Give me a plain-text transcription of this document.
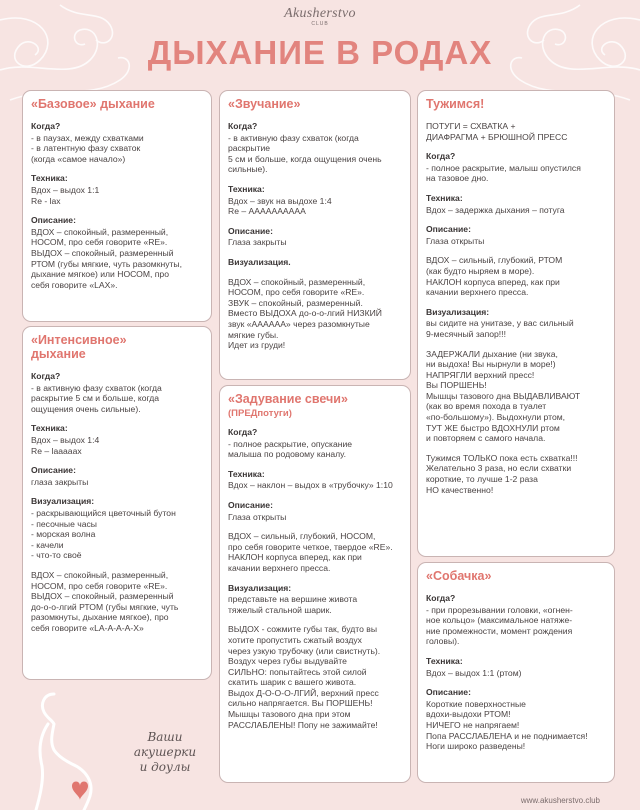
Akusherstvo
CLUB
ДЫХАНИЕ В РОДАХ
«Базовое» дыхание
Когда?
- в паузах, между схватками
- в латентную фазу схваток
(когда «самое начало»)
Техника:
Вдох – выдох 1:1
Re - lax
Описание:
ВДОХ – спокойный, размеренный,
НОСОМ, про себя говорите «RE».
ВЫДОХ – спокойный, размеренный
РТОМ (губы мягкие, чуть разомкнуты,
дыхание мягкое) или НОСОМ, про
себя говорите «LAX».
«Интенсивное»
дыхание
Когда?
- в активную фазу схваток (когда
раскрытие 5 см и больше, когда
ощущения очень сильные).
Техника:
Вдох – выдох 1:4
Re – laaaaax
Описание:
глаза закрыты
Визуализация:
- раскрывающийся цветочный бутон
- песочные часы
- морская волна
- качели
- что-то своё
ВДОХ – спокойный, размеренный,
НОСОМ, про себя говорите «RE».
ВЫДОХ – спокойный, размеренный
до-о-о-лгий РТОМ (губы мягкие, чуть
разомкнуты, дыхание мягкое), про
себя говорите «LA-A-A-A-X»
«Звучание»
Когда?
- в активную фазу схваток (когда раскрытие
5 см и больше, когда ощущения очень
сильные).
Техника:
Вдох – звук на выдохе 1:4
Re – АААААААААА
Описание:
Глаза закрыты
Визуализация.
ВДОХ – спокойный, размеренный,
НОСОМ, про себя говорите «RE».
ЗВУК – спокойный, размеренный.
Вместо ВЫДОХА до-о-о-лгий НИЗКИЙ
звук «АААААА» через разомкнутые
мягкие губы.
Идет из груди!
«Задувание свечи»
(ПРЕДпотуги)
Когда?
- полное раскрытие, опускание
малыша по родовому каналу.
Техника:
Вдох – наклон – выдох в «трубочку» 1:10
Описание:
Глаза открыты
ВДОХ – сильный, глубокий, НОСОМ,
про себя говорите четкое, твердое «RE».
НАКЛОН корпуса вперед, как при
качании верхнего пресса.
Визуализация:
представьте на вершине живота
тяжелый стальной шарик.
ВЫДОХ - сожмите губы так, будто вы
хотите пропустить сжатый воздух
через узкую трубочку (или свистнуть).
Воздух через губы выдувайте
СИЛЬНО: попытайтесь этой силой
скатить шарик с вашего живота.
Выдох Д-О-О-О-ЛГИЙ, верхний пресс
сильно напрягается. Вы ПОРШЕНЬ!
Мышцы тазового дна при этом
РАССЛАБЛЕНЫ! Попу не зажимайте!
Тужимся!
ПОТУГИ = СХВАТКА +
ДИАФРАГМА + БРЮШНОЙ ПРЕСС
Когда?
- полное раскрытие, малыш опустился
на тазовое дно.
Техника:
Вдох – задержка дыхания – потуга
Описание:
Глаза открыты
ВДОХ – сильный, глубокий, РТОМ
(как будто ныряем в море).
НАКЛОН корпуса вперед, как при
качании верхнего пресса.
Визуализация:
вы сидите на унитазе, у вас сильный
9-месячный запор!!!
ЗАДЕРЖАЛИ дыхание (ни звука,
ни выдоха! Вы нырнули в море!)
НАПРЯГЛИ верхний пресс!
Вы ПОРШЕНЬ!
Мышцы тазового дна ВЫДАВЛИВАЮТ
(как во время похода в туалет
«по-большому»). Выдохнули ртом,
ТУТ ЖЕ быстро ВДОХНУЛИ ртом
и повторяем с самого начала.
Тужимся ТОЛЬКО пока есть схватка!!!
Желательно 3 раза, но если схватки
короткие, то лучше 1-2 раза
НО качественно!
«Собачка»
Когда?
- при прорезывании головки, «огнен-
ное кольцо» (максимальное натяже-
ние промежности, момент рождения
головы).
Техника:
Вдох – выдох 1:1 (ртом)
Описание:
Короткие поверхностные
вдохи-выдохи РТОМ!
НИЧЕГО не напрягаем!
Попа РАССЛАБЛЕНА и не поднимается!
Ноги широко разведены!
Ваши
акушерки
и доулы
www.akusherstvo.club
